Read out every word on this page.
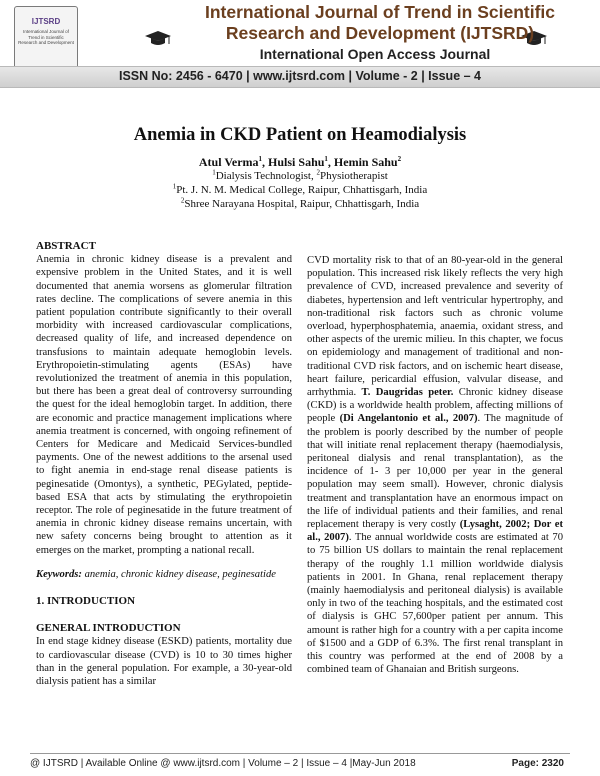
IJTSRD
International Journal of Trend in Scientific Research and Development
International Journal of Trend in Scientific Research and Development (IJTSRD)
International Open Access Journal
ISSN No: 2456 - 6470 | www.ijtsrd.com | Volume - 2 | Issue – 4
Anemia in CKD Patient on Heamodialysis
Atul Verma$^1$, Hulsi Sahu$^1$, Hemin Sahu$^2$
$^1$Dialysis Technologist, $^2$Physiotherapist
$^1$Pt. J. N. M. Medical College, Raipur, Chhattisgarh, India
$^2$Shree Narayana Hospital, Raipur, Chhattisgarh, India

ABSTRACT

Anemia in chronic kidney disease is a prevalent and expensive problem in the United States, and it is well documented that anemia worsens as glomerular filtration rates decline. The complications of severe anemia in this patient population contribute significantly to their overall morbidity with increased cardiovascular complications, decreased quality of life, and increased dependence on transfusions to maintain adequate hemoglobin levels. Erythropoietin-stimulating agents (ESAs) have revolutionized the treatment of anemia in this population, but there has been a great deal of controversy surrounding the quest for the ideal hemoglobin target. In addition, there are economic and practice management implications where anemia treatment is concerned, with ongoing refinement of Centers for Medicare and Medicaid Services-bundled payments. One of the newest additions to the arsenal used to fight anemia in end-stage renal disease patients is peginesatide (Omontys), a synthetic, PEGylated, peptide-based ESA that acts by stimulating the erythropoietin receptor. The role of peginesatide in the future treatment of anemia in chronic kidney disease remains uncertain, with new safety concerns being brought to attention as it emerges on the market, prompting a national recall.

Keywords: anemia, chronic kidney disease, peginesatide

1. INTRODUCTION

GENERAL INTRODUCTION

In end stage kidney disease (ESKD) patients, mortality due to cardiovascular disease (CVD) is 10 to 30 times higher than in the general population. For example, a 30-year-old dialysis patient has a similar

CVD mortality risk to that of an 80-year-old in the general population. This increased risk likely reflects the very high prevalence of CVD, increased prevalence and severity of diabetes, hypertension and left ventricular hypertrophy, and non-traditional risk factors such as chronic volume overload, hyperphosphatemia, anaemia, oxidant stress, and other aspects of the uremic milieu. In this chapter, we focus on epidemiology and management of traditional and non-traditional CVD risk factors, and on ischemic heart disease, heart failure, pericardial effusion, valvular disease, and arrhythmia. T. Daugridas peter. Chronic kidney disease (CKD) is a worldwide health problem, affecting millions of people (Di Angelantonio et al., 2007). The magnitude of the problem is poorly described by the number of people that will initiate renal replacement therapy (haemodialysis, peritoneal dialysis and renal transplantation), as the incidence of 1- 3 per 10,000 per year in the general population may seem small). However, chronic dialysis treatment and transplantation have an enormous impact on the life of individual patients and their families, and renal replacement therapy is very costly (Lysaght, 2002; Dor et al., 2007). The annual worldwide costs are estimated at 70 to 75 billion US dollars to maintain the renal replacement therapy of the roughly 1.1 million worldwide dialysis patients in 2001. In Ghana, renal replacement therapy (mainly haemodialysis and peritoneal dialysis) is available only in two of the teaching hospitals, and the estimated cost of dialysis is GHC 57,600per patient per annum. This amount is rather high for a country with a per capita income of $1500 and a GDP of 6.3%. The first renal transplant in this country was performed at the end of 2008 by a combined team of Ghanaian and British surgeons.

@ IJTSRD | Available Online @ www.ijtsrd.com | Volume – 2 | Issue – 4 |May-Jun 2018	Page: 2320
